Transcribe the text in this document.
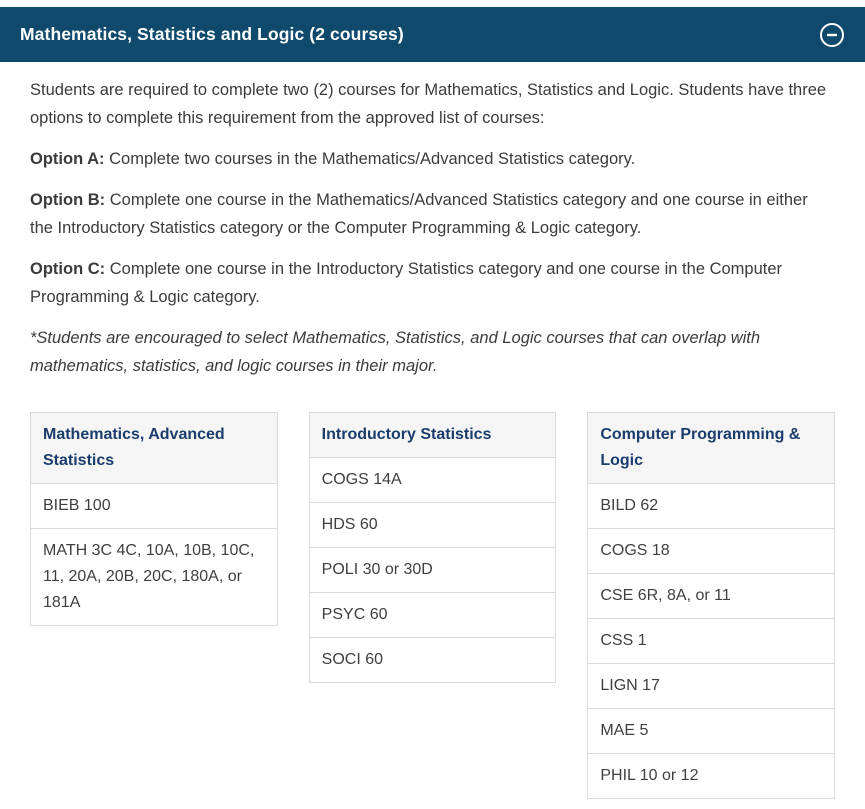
Mathematics, Statistics and Logic (2 courses)

Students are required to complete two (2) courses for Mathematics, Statistics and Logic. Students have three options to complete this requirement from the approved list of courses:

Option A: Complete two courses in the Mathematics/Advanced Statistics category.

Option B: Complete one course in the Mathematics/Advanced Statistics category and one course in either the Introductory Statistics category or the Computer Programming & Logic category.

Option C: Complete one course in the Introductory Statistics category and one course in the Computer Programming & Logic category.

*Students are encouraged to select Mathematics, Statistics, and Logic courses that can overlap with mathematics, statistics, and logic courses in their major.

Mathematics, Advanced Statistics
BIEB 100
MATH 3C 4C, 10A, 10B, 10C, 11, 20A, 20B, 20C, 180A, or 181A
Introductory Statistics
COGS 14A
HDS 60
POLI 30 or 30D
PSYC 60
SOCI 60
Computer Programming & Logic
BILD 62
COGS 18
CSE 6R, 8A, or 11
CSS 1
LIGN 17
MAE 5
PHIL 10 or 12
